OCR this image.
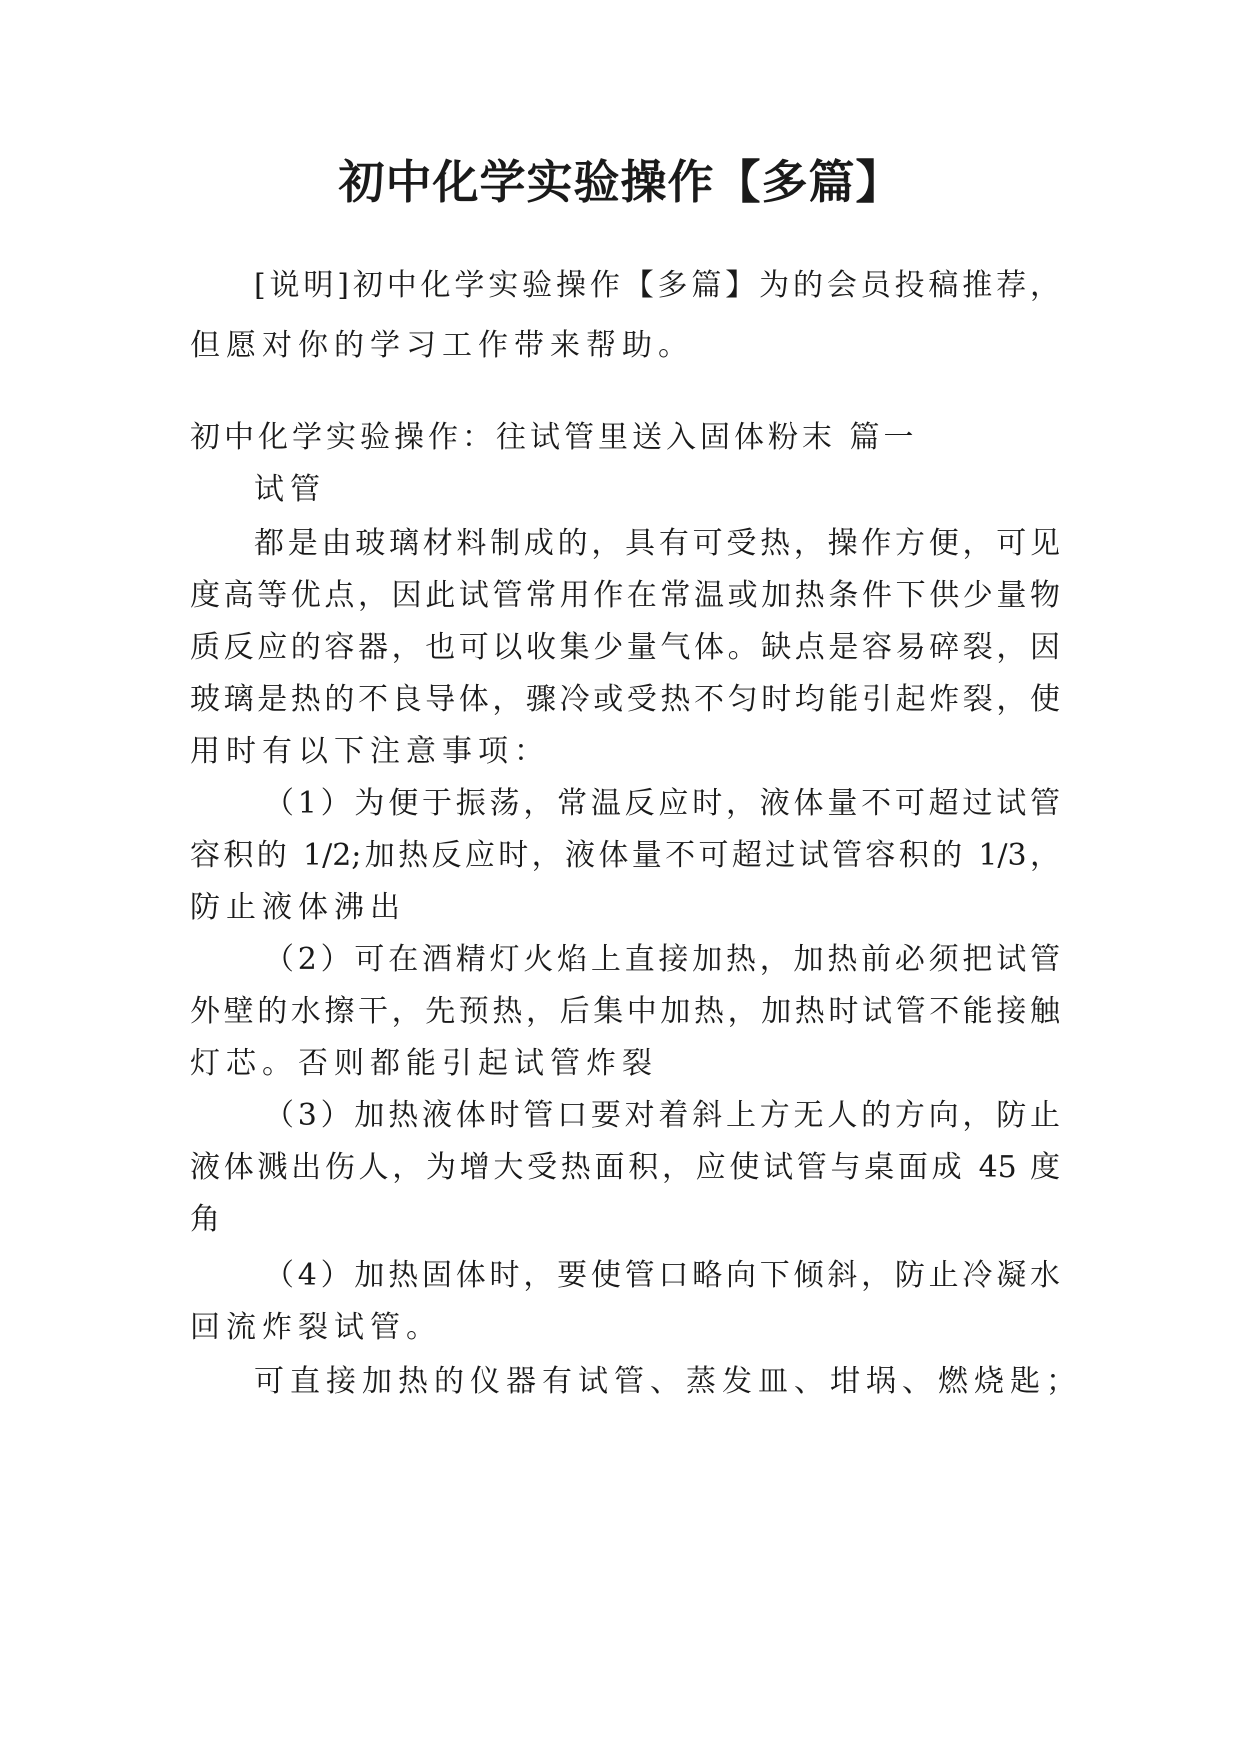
初中化学实验操作【多篇】

[说明]初中化学实验操作【多篇】为的会员投稿推荐，

但愿对你的学习工作带来帮助。

初中化学实验操作：往试管里送入固体粉末 篇一

试管

都是由玻璃材料制成的，具有可受热，操作方便，可见

度高等优点，因此试管常用作在常温或加热条件下供少量物

质反应的容器，也可以收集少量气体。缺点是容易碎裂，因

玻璃是热的不良导体，骤冷或受热不匀时均能引起炸裂，使

用时有以下注意事项：

（1）为便于振荡，常温反应时，液体量不可超过试管

容积的 1/2;加热反应时，液体量不可超过试管容积的 1/3，

防止液体沸出

（2）可在酒精灯火焰上直接加热，加热前必须把试管

外壁的水擦干，先预热，后集中加热，加热时试管不能接触

灯芯。否则都能引起试管炸裂

（3）加热液体时管口要对着斜上方无人的方向，防止

液体溅出伤人，为增大受热面积，应使试管与桌面成 45 度

角

（4）加热固体时，要使管口略向下倾斜，防止冷凝水

回流炸裂试管。

可直接加热的仪器有试管、蒸发皿、坩埚、燃烧匙；
